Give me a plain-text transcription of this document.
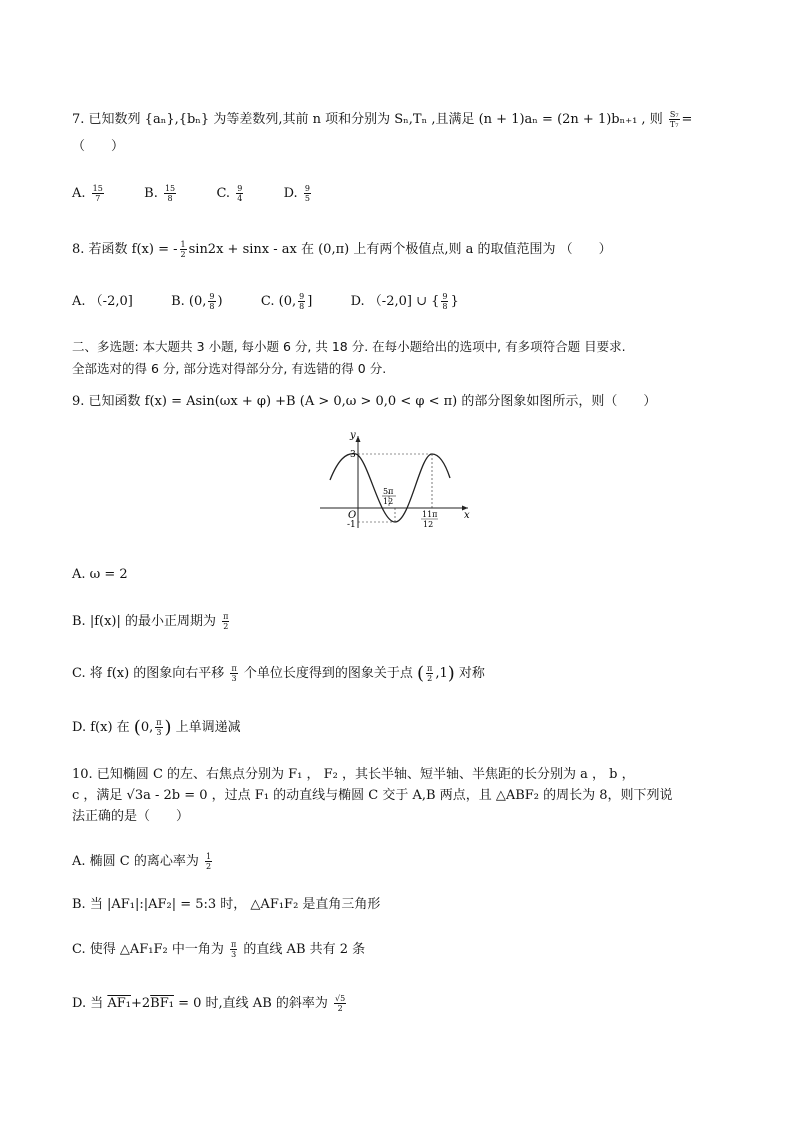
7. 已知数列 {aₙ},{bₙ} 为等差数列,其前 n 项和分别为 Sₙ,Tₙ ,且满足 (n + 1)aₙ = (2n + 1)bₙ₊₁ , 则 $\frac{\text{S₇}}{\text{T₇}}$ =
（　　）
A. $\frac{15}{7}$	B. $\frac{15}{8}$	C. $\frac{9}{4}$	D. $\frac{9}{5}$
8. 若函数 f(x) = - $\frac{1}{2} \sin 2x + \sin x$ - ax 在 (0,π) 上有两个极值点,则 a 的取值范围为 （　　）
A. （-2,0]	B. (0, $\frac{9}{8}$ )	C. (0, $\frac{9}{8}$ ]	D. （-2,0] ∪ { $\frac{9}{8}$ }
二、多选题: 本大题共 3 小题, 每小题 6 分, 共 18 分. 在每小题给出的选项中, 有多项符合题 目要求.
全部选对的得 6 分, 部分选对得部分分, 有选错的得 0 分.
9. 已知函数 f(x) = Asin(ωx + φ) +B (A > 0,ω > 0,0 < φ < π) 的部分图象如图所示，则（　　）
y
x
O
3
-1
5π
12
11π
12
A. ω = 2
B. |f(x)| 的最小正周期为 $\frac{\pi}{2}$
C. 将 f(x) 的图象向右平移 $\frac{\pi}{3}$ 个单位长度得到的图象关于点 ( $\frac{\pi}{2} ,1$) 对称
D. f(x) 在 (0, $\frac{\pi}{3}$ ) 上单调递减
10. 已知椭圆 C 的左、右焦点分别为 F₁ ， F₂ ，其长半轴、短半轴、半焦距的长分别为 a ， b ，
c ，满足 √3a - 2b = 0 ，过点 F₁ 的动直线与椭圆 C 交于 A,B 两点，且 △ABF₂ 的周长为 8，则下列说
法正确的是（　　）
A. 椭圆 C 的离心率为 $\frac{1}{2}$
B. 当 |AF₁|:|AF₂| = 5:3 时， △AF₁F₂ 是直角三角形
C. 使得 △AF₁F₂ 中一角为 $\frac{\pi}{3}$ 的直线 AB 共有 2 条
D. 当 AF₁+2BF₁ = 0 时,直线 AB 的斜率为 $\frac{√5}{2}$
